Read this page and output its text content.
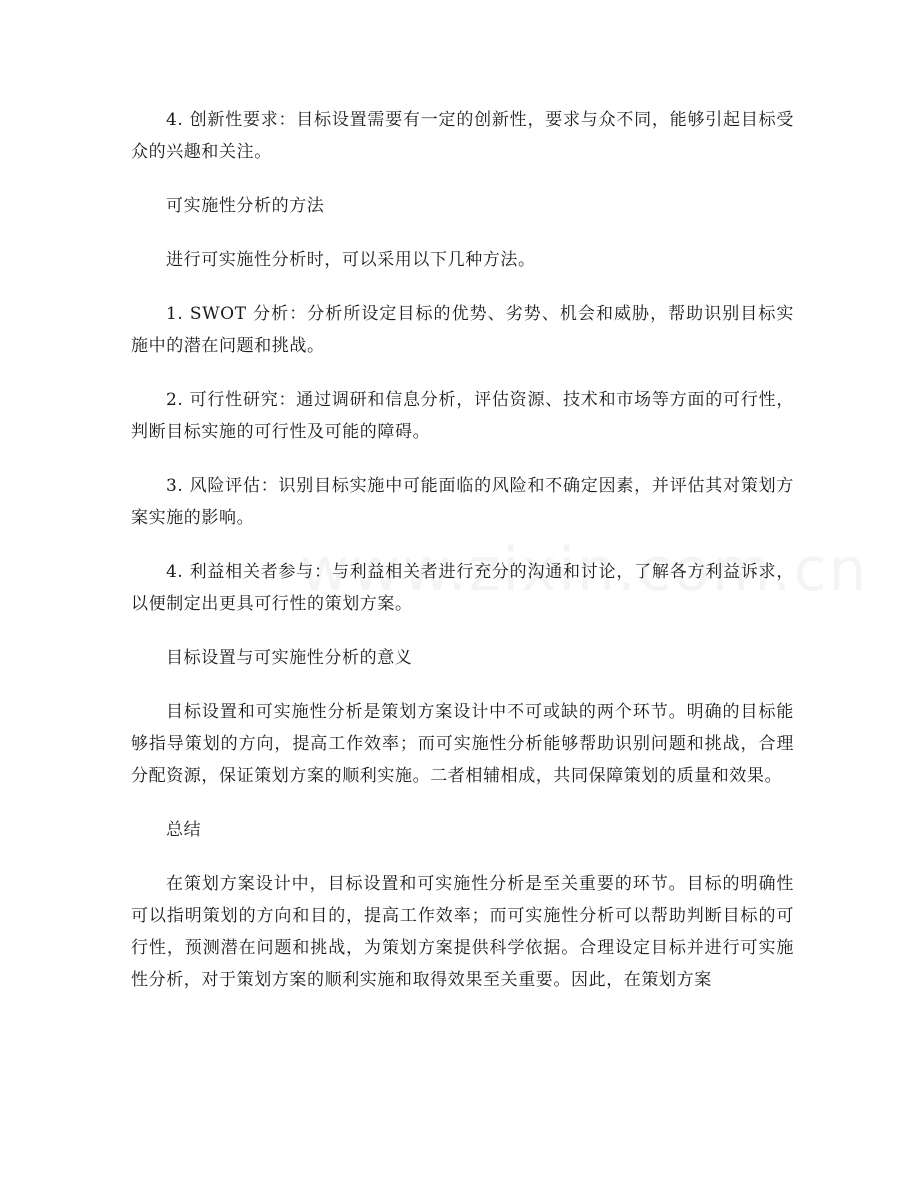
4. 创新性要求：目标设置需要有一定的创新性，要求与众不同，能够引起目标受众的兴趣和关注。

可实施性分析的方法

进行可实施性分析时，可以采用以下几种方法。

1. SWOT 分析：分析所设定目标的优势、劣势、机会和威胁，帮助识别目标实施中的潜在问题和挑战。

2. 可行性研究：通过调研和信息分析，评估资源、技术和市场等方面的可行性，判断目标实施的可行性及可能的障碍。

3. 风险评估：识别目标实施中可能面临的风险和不确定因素，并评估其对策划方案实施的影响。

4. 利益相关者参与：与利益相关者进行充分的沟通和讨论，了解各方利益诉求，以便制定出更具可行性的策划方案。

目标设置与可实施性分析的意义

目标设置和可实施性分析是策划方案设计中不可或缺的两个环节。明确的目标能够指导策划的方向，提高工作效率；而可实施性分析能够帮助识别问题和挑战，合理分配资源，保证策划方案的顺利实施。二者相辅相成，共同保障策划的质量和效果。

总结

在策划方案设计中，目标设置和可实施性分析是至关重要的环节。目标的明确性可以指明策划的方向和目的，提高工作效率；而可实施性分析可以帮助判断目标的可行性，预测潜在问题和挑战，为策划方案提供科学依据。合理设定目标并进行可实施性分析，对于策划方案的顺利实施和取得效果至关重要。因此，在策划方案
